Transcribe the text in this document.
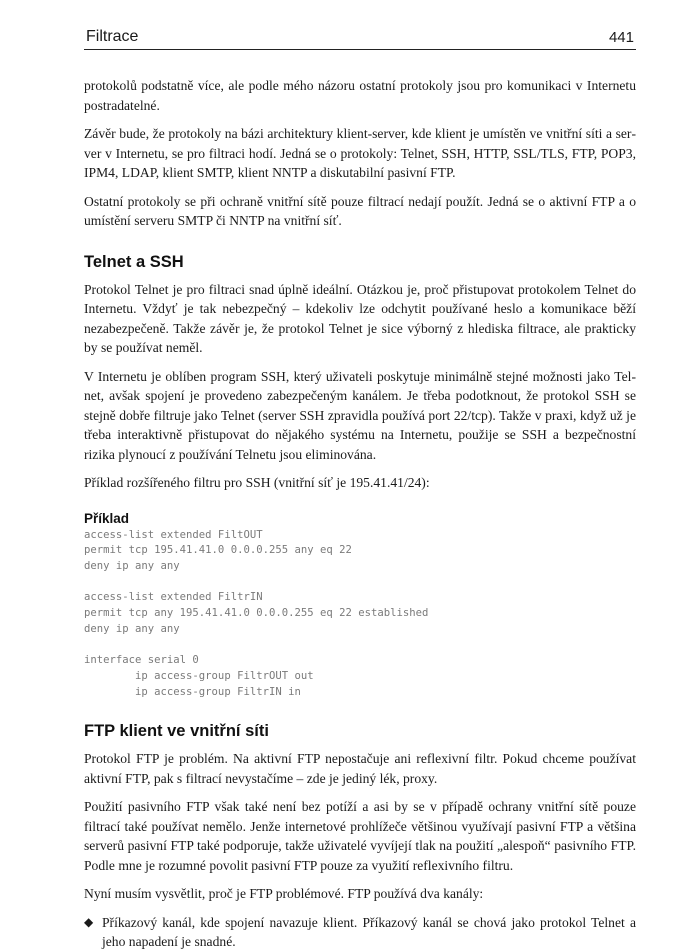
Filtrace	441

protokolů podstatně více, ale podle mého názoru ostatní protokoly jsou pro komunikaci v Internetu postradatelné.

Závěr bude, že protokoly na bázi architektury klient-server, kde klient je umístěn ve vnitřní síti a server v Internetu, se pro filtraci hodí. Jedná se o protokoly: Telnet, SSH, HTTP, SSL/TLS, FTP, POP3, IPM4, LDAP, klient SMTP, klient NNTP a diskutabilní pasivní FTP.

Ostatní protokoly se při ochraně vnitřní sítě pouze filtrací nedají použít. Jedná se o aktivní FTP a o umístění serveru SMTP či NNTP na vnitřní síť.

Telnet a SSH

Protokol Telnet je pro filtraci snad úplně ideální. Otázkou je, proč přistupovat protokolem Telnet do Internetu. Vždyť je tak nebezpečný – kdekoliv lze odchytit používané heslo a komunikace běží nezabezpečeně. Takže závěr je, že protokol Telnet je sice výborný z hlediska filtrace, ale prakticky by se používat neměl.

V Internetu je oblíben program SSH, který uživateli poskytuje minimálně stejné možnosti jako Telnet, avšak spojení je provedeno zabezpečeným kanálem. Je třeba podotknout, že protokol SSH se stejně dobře filtruje jako Telnet (server SSH zpravidla používá port 22/tcp). Takže v praxi, když už je třeba interaktivně přistupovat do nějakého systému na Internetu, použije se SSH a bezpečnostní rizika plynoucí z používání Telnetu jsou eliminována.

Příklad rozšířeného filtru pro SSH (vnitřní síť je 195.41.41/24):

Příklad
access-list extended FiltOUT
permit tcp 195.41.41.0 0.0.0.255 any eq 22
deny ip any any
access-list extended FiltrIN
permit tcp any 195.41.41.0 0.0.0.255 eq 22 established
deny ip any any
interface serial 0
ip access-group FiltrOUT out
ip access-group FiltrIN in
FTP klient ve vnitřní síti

Protokol FTP je problém. Na aktivní FTP nepostačuje ani reflexivní filtr. Pokud chceme používat aktivní FTP, pak s filtrací nevystačíme – zde je jediný lék, proxy.

Použití pasivního FTP však také není bez potíží a asi by se v případě ochrany vnitřní sítě pouze filtrací také používat nemělo. Jenže internetové prohlížeče většinou využívají pasivní FTP a většina serverů pasivní FTP také podporuje, takže uživatelé vyvíjejí tlak na použití „alespoň“ pasivního FTP. Podle mne je rozumné povolit pasivní FTP pouze za využití reflexivního filtru.

Nyní musím vysvětlit, proč je FTP problémové. FTP používá dva kanály:

◆ Příkazový kanál, kde spojení navazuje klient. Příkazový kanál se chová jako protokol Telnet a jeho napadení je snadné.
